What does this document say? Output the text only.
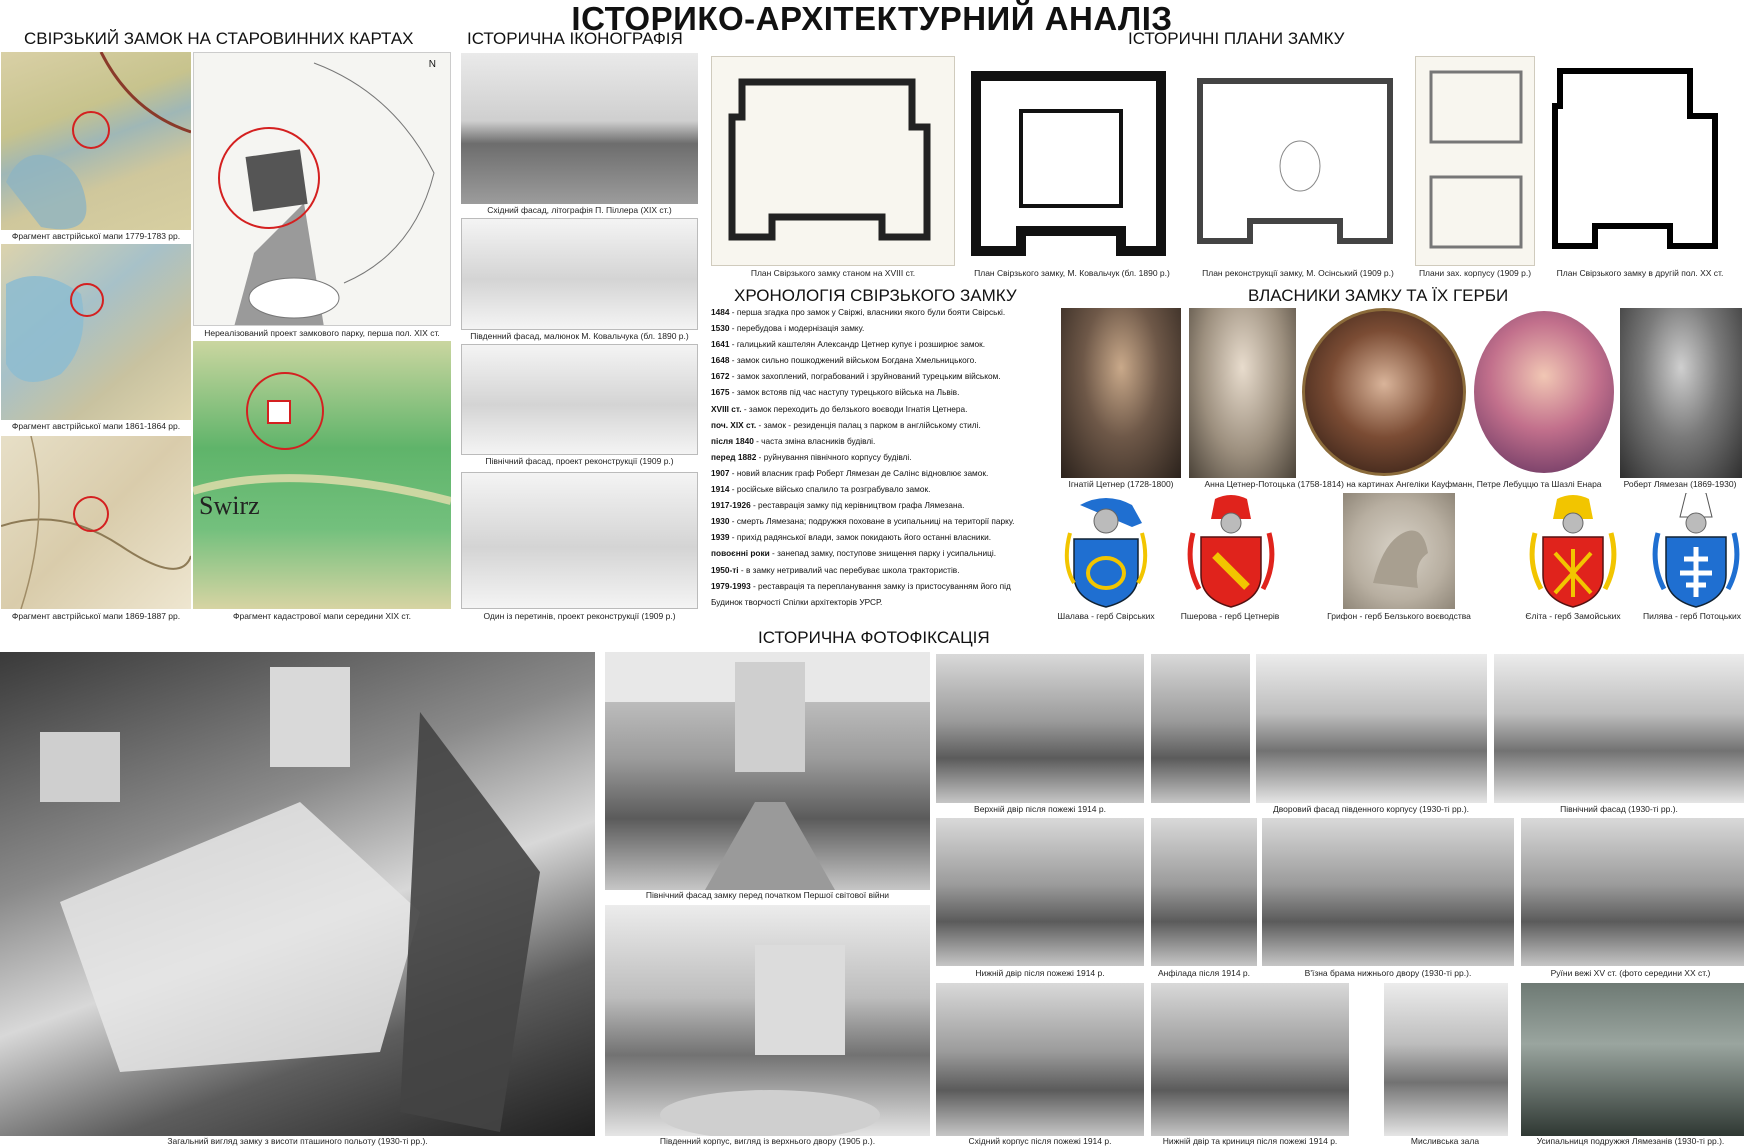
ІСТОРИКО-АРХІТЕКТУРНИЙ АНАЛІЗ
СВІРЗЬКИЙ ЗАМОК НА СТАРОВИННИХ КАРТАХ	ІСТОРИЧНА ІКОНОГРАФІЯ	ІСТОРИЧНІ ПЛАНИ ЗАМКУ
ВЛАСНИКИ ЗАМКУ ТА ЇХ ГЕРБИ
ІСТОРИЧНА ФОТОФІКСАЦІЯ
Фрагмент австрійської мапи 1779-1783 рр.
Фрагмент австрійської мапи 1861-1864 рр.
Фрагмент австрійської мапи 1869-1887 рр.
N
Нереалізований проект замкового парку, перша пол. XIX ст.
Swirz
Фрагмент кадастрової мапи середини XIX ст.
Східний фасад, літографія П. Піллера (XIX ст.)
Південний фасад, малюнок М. Ковальчука (бл. 1890 р.)
Північний фасад, проект реконструкції (1909 р.)
Один із перетинів, проект реконструкції (1909 р.)
План Свірзького замку станом на XVIII ст.	План Свірзького замку, М. Ковальчук (бл. 1890 р.)	План реконструкції замку, М. Осінський (1909 р.)	Плани зах. корпусу (1909 р.)	План Свірзького замку в другій пол. XX ст.
ХРОНОЛОГІЯ СВІРЗЬКОГО ЗАМКУ
1484 - перша згадка про замок у Свіржі, власники якого були бояти Свірські.
1530 - перебудова і модернізація замку.
1641 - галицький каштелян Александр Цетнер купує і розширює замок.
1648 - замок сильно пошкоджений військом Богдана Хмельницького.
1672 - замок захоплений, пограбований і зруйнований турецьким військом.
1675 - замок встояв під час наступу турецького війська на Львів.
XVIII ст. - замок переходить до белзького воєводи Ігнатія Цетнера.
поч. XIX ст. - замок - резиденція палац з парком в англійському стилі.
після 1840 - часта зміна власників будівлі.
перед 1882 - руйнування північного корпусу будівлі.
1907 - новий власник граф Роберт Лямезан де Салінс відновлює замок.
1914 - російське військо спалило та розграбувало замок.
1917-1926 - реставрація замку під керівництвом графа Лямезана.
1930 - смерть Лямезана; подружжя поховане в усипальниці на території парку.
1939 - прихід радянської влади, замок покидають його останні власники.
повоєнні роки - занепад замку, поступове знищення парку і усипальниці.
1950-ті - в замку нетривалий час перебуває школа трактористів.
1979-1993 - реставрація та перепланування замку із пристосуванням його під
Будинок творчості Спілки архітекторів УРСР.
Ігнатій Цетнер (1728-1800)	Анна Цетнер-Потоцька (1758-1814) на картинах Ангеліки Кауфманн, Петре Лебуццю та Шазлі Енара	Роберт Лямезан (1869-1930)
Шалава - герб Свірських	Пшерова - герб Цетнерів	Грифон - герб Белзького воєводства	Єліта - герб Замойських	Пилява - герб Потоцьких
Загальний вигляд замку з висоти пташиного польоту (1930-ті рр.).
Північний фасад замку перед початком Першої світової війни
Південний корпус, вигляд із верхнього двору (1905 р.).
Верхній двір після пожежі 1914 р.	Дворовий фасад південного корпусу (1930-ті рр.).	Північний фасад (1930-ті рр.).
Нижній двір після пожежі 1914 р.	Анфілада після 1914 р.	В'їзна брама нижнього двору (1930-ті рр.).	Руїни вежі XV ст. (фото середини XX ст.)
Східний корпус після пожежі 1914 р.	Нижній двір та криниця після пожежі 1914 р.	Мисливська зала	Усипальниця подружжя Лямезанів (1930-ті рр.).
